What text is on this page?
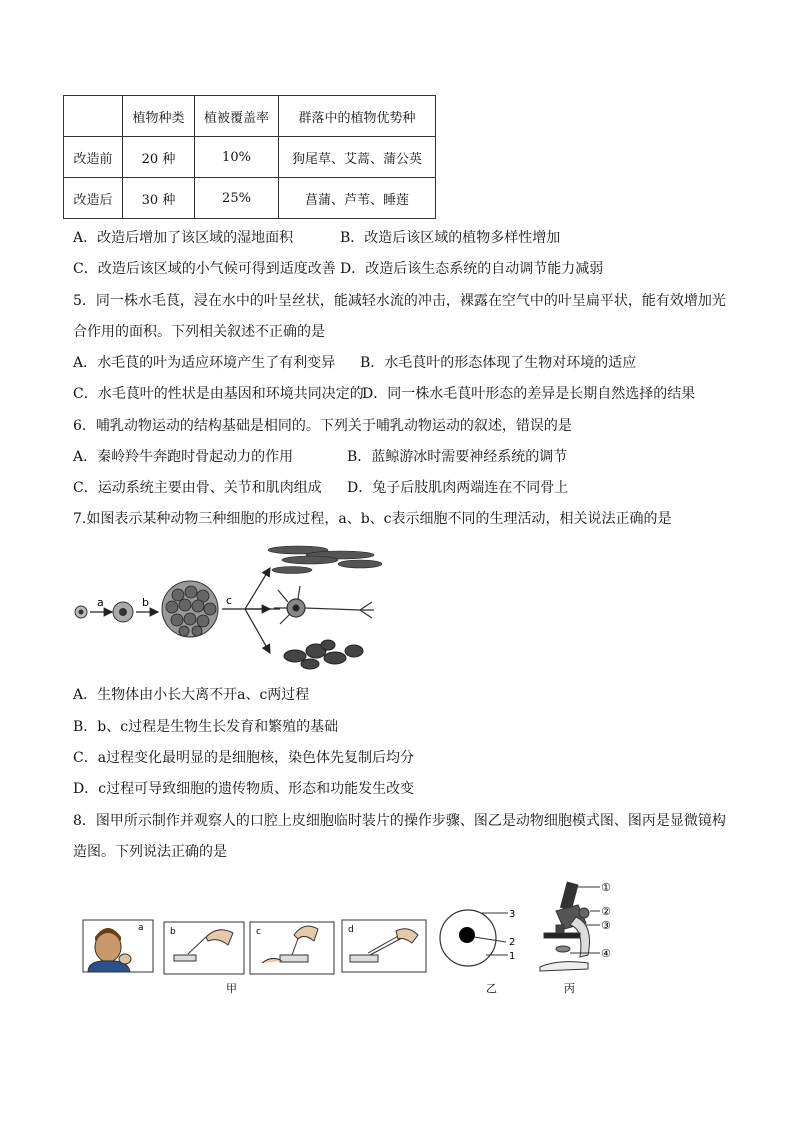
	植物种类	植被覆盖率	群落中的植物优势种
改造前	20 种	10%	狗尾草、艾蒿、蒲公英
改造后	30 种	25%	菖蒲、芦苇、睡莲
A．改造后增加了该区域的湿地面积	B．改造后该区域的植物多样性增加
C．改造后该区域的小气候可得到适度改善 D．改造后该生态系统的自动调节能力减弱
5．同一株水毛茛，浸在水中的叶呈丝状，能减轻水流的冲击，裸露在空气中的叶呈扁平状，能有效增加光
合作用的面积。下列相关叙述不正确的是
A．水毛茛的叶为适应环境产生了有利变异 B．水毛茛叶的形态体现了生物对环境的适应
C．水毛茛叶的性状是由基因和环境共同决定的
D．同一株水毛茛叶形态的差异是长期自然选择的结果
6．哺乳动物运动的结构基础是相同的。下列关于哺乳动物运动的叙述，错误的是
A．秦岭羚牛奔跑时骨起动力的作用	B．蓝鲸游冰时需要神经系统的调节
C．运动系统主要由骨、关节和肌肉组成 D．兔子后肢肌肉两端连在不同骨上
7.如图表示某种动物三种细胞的形成过程，a、b、c表示细胞不同的生理活动，相关说法正确的是
a	b	c
A．生物体由小长大离不开a、c两过程
B．b、c过程是生物生长发育和繁殖的基础
C．a过程变化最明显的是细胞核，染色体先复制后均分
D．c过程可导致细胞的遗传物质、形态和功能发生改变
8．图甲所示制作并观察人的口腔上皮细胞临时装片的操作步骤、图乙是动物细胞模式图、图丙是显微镜构
造图。下列说法正确的是
a	b	c	d
甲
3
2
1
乙
①
②
③
④
丙
